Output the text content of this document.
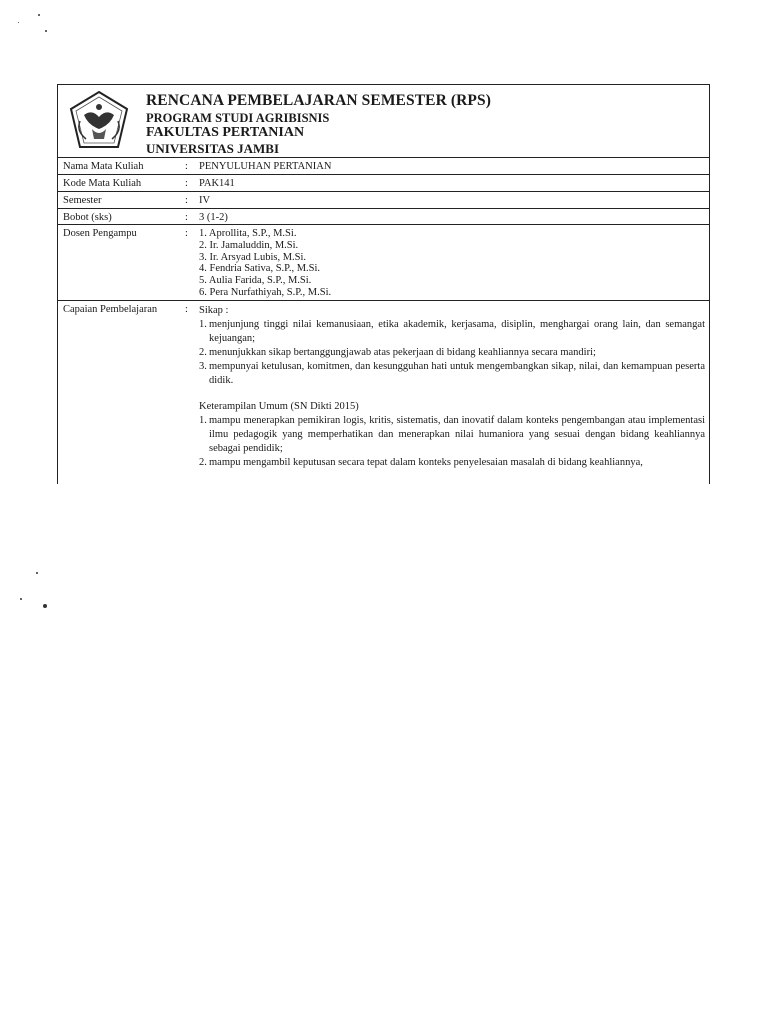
RENCANA PEMBELAJARAN SEMESTER (RPS)
PROGRAM STUDI AGRIBISNIS
FAKULTAS PERTANIAN
UNIVERSITAS JAMBI
Nama Mata Kuliah	: PENYULUHAN PERTANIAN
Kode Mata Kuliah	: PAK141
Semester	: IV
Bobot (sks)	: 3 (1-2)
Dosen Pengampu	: 1. Aprollita, S.P., M.Si.
2. Ir. Jamaluddin, M.Si.
3. Ir. Arsyad Lubis, M.Si.
4. Fendria Sativa, S.P., M.Si.
5. Aulia Farida, S.P., M.Si.
6. Pera Nurfathiyah, S.P., M.Si.
Capaian Pembelajaran	: Sikap :
1. menjunjung tinggi nilai kemanusiaan, etika akademik, kerjasama, disiplin, menghargai orang lain, dan semangat kejuangan;
2. menunjukkan sikap bertanggungjawab atas pekerjaan di bidang keahliannya secara mandiri;
3. mempunyai ketulusan, komitmen, dan kesungguhan hati untuk mengembangkan sikap, nilai, dan kemampuan peserta didik.
Keterampilan Umum (SN Dikti 2015)
1. mampu menerapkan pemikiran logis, kritis, sistematis, dan inovatif dalam konteks pengembangan atau implementasi ilmu pedagogik yang memperhatikan dan menerapkan nilai humaniora yang sesuai dengan bidang keahliannya sebagai pendidik;
2. mampu mengambil keputusan secara tepat dalam konteks penyelesaian masalah di bidang keahliannya,
